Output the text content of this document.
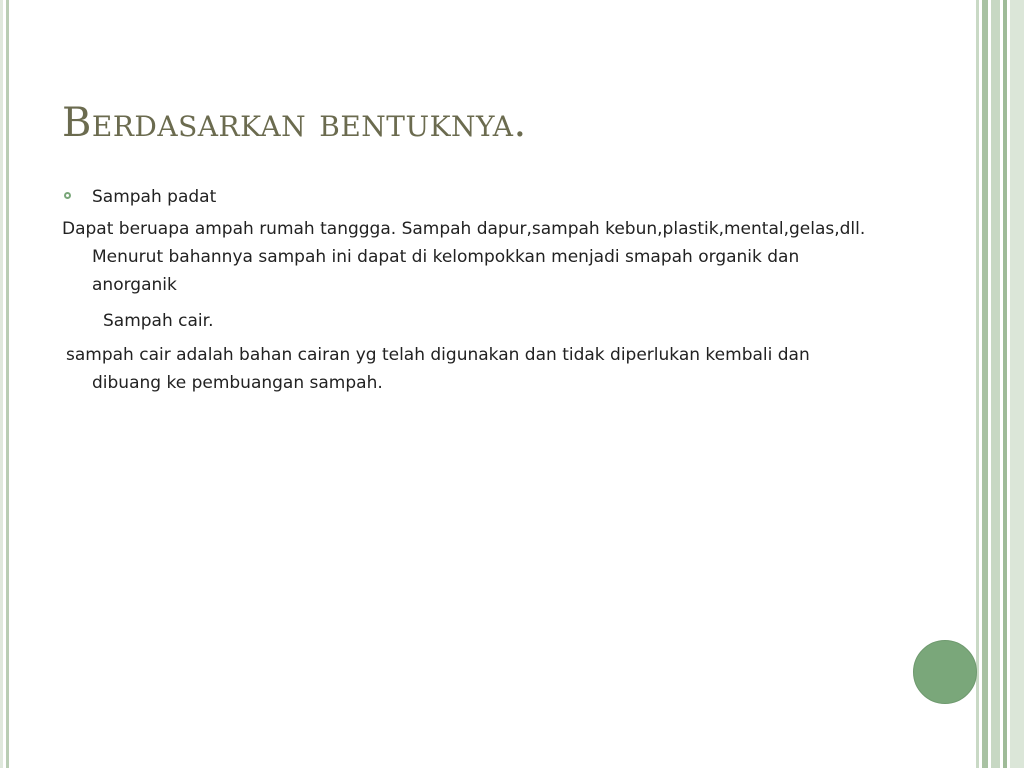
Berdasarkan bentuknya.
Sampah padat
Dapat beruapa ampah rumah tanggga. Sampah dapur,sampah kebun,plastik,mental,gelas,dll. Menurut bahannya sampah ini dapat di kelompokkan menjadi smapah organik dan anorganik
Sampah cair.
sampah cair adalah bahan cairan yg telah digunakan dan tidak diperlukan kembali dan dibuang ke pembuangan sampah.
